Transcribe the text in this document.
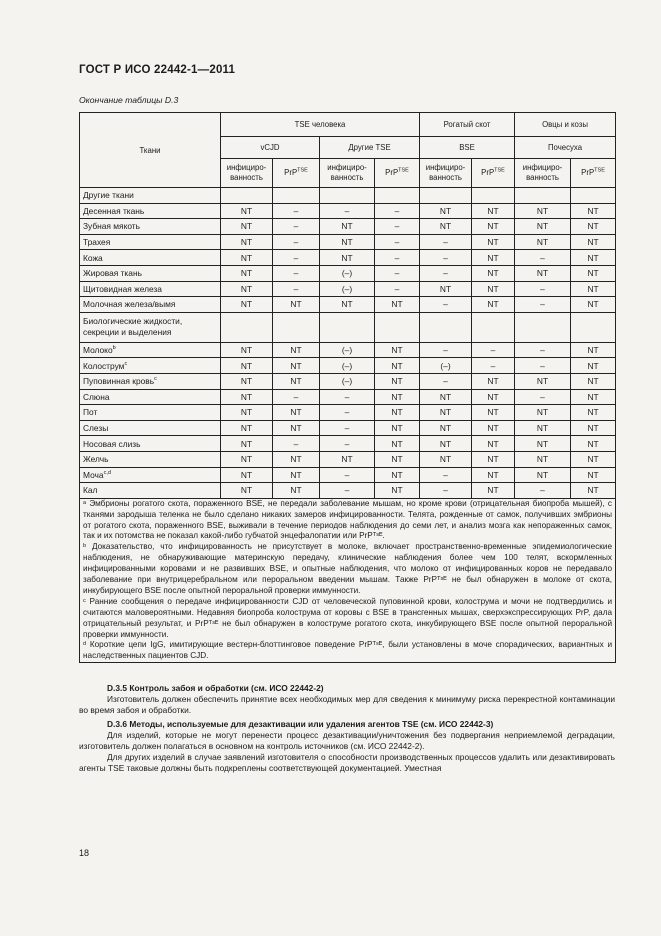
ГОСТ Р ИСО 22442-1—2011
Окончание таблицы D.3
Ткани	TSE человека				Рогатый скот		Овцы и козы	
	vCJD		Другие TSE		BSE		Почесуха	
	инфициро-ванность	PrP$^{TSE}$	инфициро-ванность	PrP$^{TSE}$	инфициро-ванность	PrP$^{TSE}$	инфициро-ванность	PrP$^{TSE}$
Другие ткани								
Десенная ткань	NT	–	–	–	NT	NT	NT	NT
Зубная мякоть	NT	–	NT	–	NT	NT	NT	NT
Трахея	NT	–	NT	–	–	NT	NT	NT
Кожа	NT	–	NT	–	–	NT	–	NT
Жировая ткань	NT	–	(–)	–	–	NT	NT	NT
Щитовидная железа	NT	–	(–)	–	NT	NT	–	NT
Молочная железа/вымя	NT	NT	NT	NT	–	NT	–	NT
Биологические жидкости, секреции и выделения								
Молоко$^b$	NT	NT	(–)	NT	–	–	–	NT
Колострум$^c$	NT	NT	(–)	NT	(–)	–	–	NT
Пуповинная кровь$^c$	NT	NT	(–)	NT	–	NT	NT	NT
Слюна	NT	–	–	NT	NT	NT	–	NT
Пот	NT	NT	–	NT	NT	NT	NT	NT
Слезы	NT	NT	–	NT	NT	NT	NT	NT
Носовая слизь	NT	–	–	NT	NT	NT	NT	NT
Желчь	NT	NT	NT	NT	NT	NT	NT	NT
Моча$^{c,d}$	NT	NT	–	NT	–	NT	NT	NT
Кал	NT	NT	–	NT	–	NT	–	NT

ᵃ Эмбрионы рогатого скота, пораженного BSE, не передали заболевание мышам, но кроме крови (отрицательная биопроба мышей), с тканями зародыша теленка не было сделано никаких замеров инфицированности. Телята, рожденные от самок, получивших эмбрионы от рогатого скота, пораженного BSE, выживали в течение периодов наблюдения до семи лет, и анализ мозга как непораженных самок, так и их потомства не показал какой-либо губчатой энцефалопатии или PrPᵀˢᴱ.

ᵇ Доказательство, что инфицированность не присутствует в молоке, включает пространственно-временные эпидемиологические наблюдения, не обнаруживающие материнскую передачу, клинические наблюдения более чем 100 телят, вскормленных инфицированными коровами и не развивших BSE, и опытные наблюдения, что молоко от инфицированных коров не передавало заболевание при внутрицеребральном или пероральном введении мышам. Также PrPᵀˢᴱ не был обнаружен в молоке от скота, инкубирующего BSE после опытной пероральной проверки иммунности.

ᶜ Ранние сообщения о передаче инфицированности CJD от человеческой пуповинной крови, колострума и мочи не подтвердились и считаются маловероятными. Недавняя биопроба колострума от коровы с BSE в трансгенных мышах, сверхэкспрессирующих PrP, дала отрицательный результат, и PrPᵀˢᴱ не был обнаружен в колоструме рогатого скота, инкубирующего BSE после опытной пероральной проверки иммунности.

ᵈ Короткие цепи IgG, имитирующие вестерн-блоттинговое поведение PrPᵀˢᴱ, были установлены в моче спорадических, вариантных и наследственных пациентов CJD.								

D.3.5 Контроль забоя и обработки (см. ИСО 22442-2)

Изготовитель должен обеспечить принятие всех необходимых мер для сведения к минимуму риска перекрестной контаминации во время забоя и обработки.

D.3.6 Методы, используемые для дезактивации или удаления агентов TSE (см. ИСО 22442-3)

Для изделий, которые не могут перенести процесс дезактивации/уничтожения без подвергания неприемлемой деградации, изготовитель должен полагаться в основном на контроль источников (см. ИСО 22442-2).

Для других изделий в случае заявлений изготовителя о способности производственных процессов удалить или дезактивировать агенты TSE таковые должны быть подкреплены соответствующей документацией. Уместная

18
